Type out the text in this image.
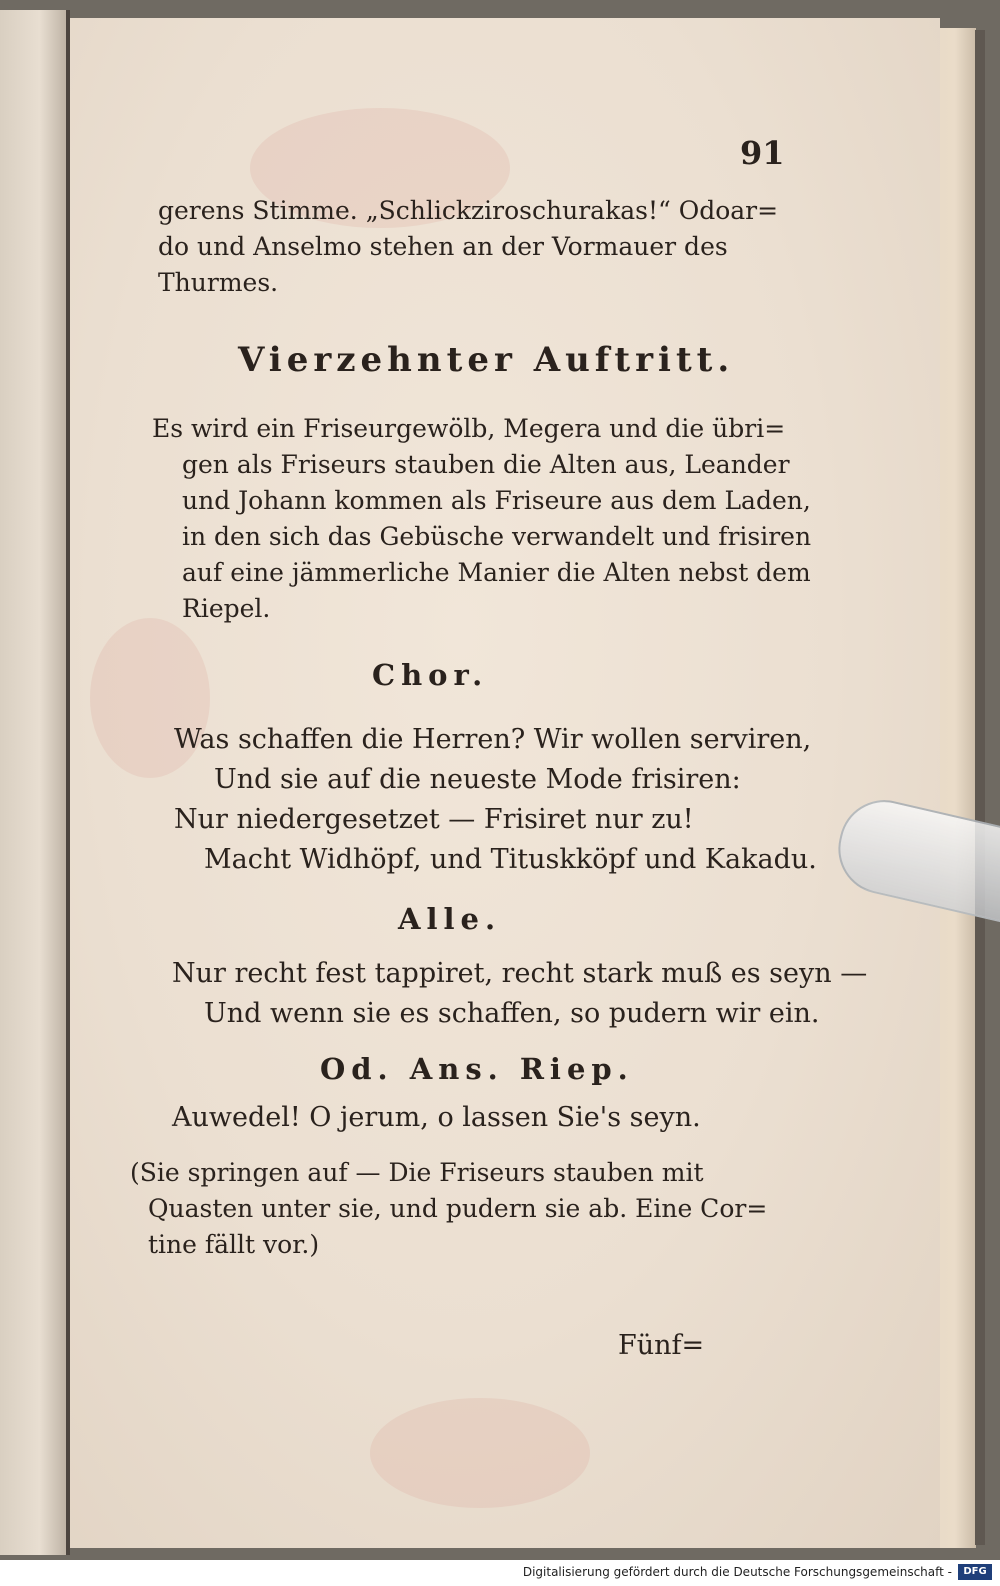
91
gerens Stimme. „Schlickziroschurakas!“ Odoar=
do und Anselmo stehen an der Vormauer des
Thurmes.
Vierzehnter Auftritt.
Es wird ein Friseurgewölb, Megera und die übri=
gen als Friseurs stauben die Alten aus, Leander
und Johann kommen als Friseure aus dem Laden,
in den sich das Gebüsche verwandelt und frisiren
auf eine jämmerliche Manier die Alten nebst dem
Riepel.
Chor.
Was schaffen die Herren? Wir wollen serviren,
Und sie auf die neueste Mode frisiren:
Nur niedergesetzet — Frisiret nur zu!
Macht Widhöpf, und Tituskköpf und Kakadu.
Alle.
Nur recht fest tappiret, recht stark muß es seyn —
Und wenn sie es schaffen, so pudern wir ein.
Od. Ans. Riep.
Auwedel! O jerum, o lassen Sie's seyn.
(Sie springen auf — Die Friseurs stauben mit
Quasten unter sie, und pudern sie ab. Eine Cor=
tine fällt vor.)
Fünf=
Digitalisierung gefördert durch die Deutsche Forschungsgemeinschaft -	DFG
